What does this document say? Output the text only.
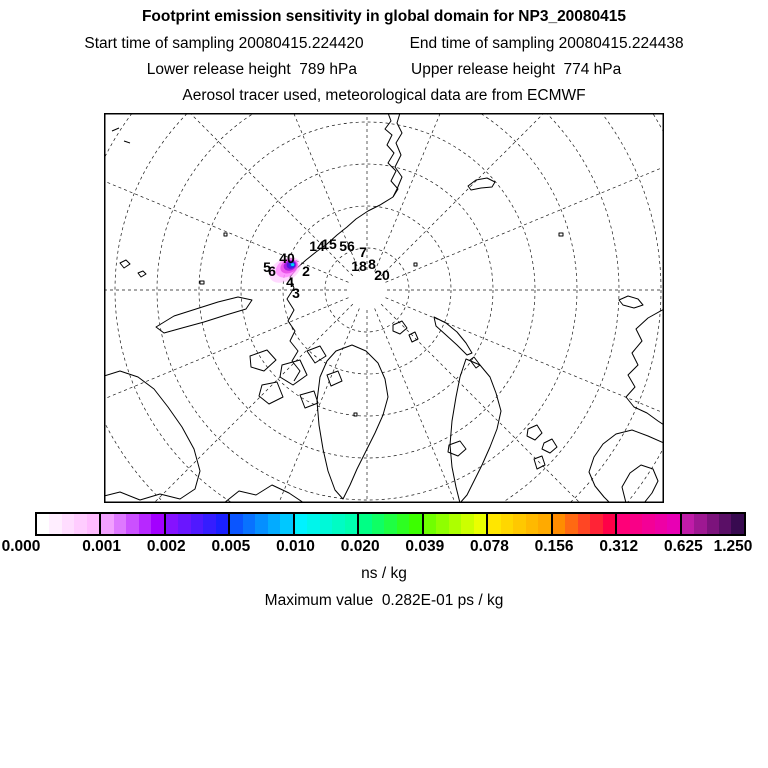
Footprint emission sensitivity in global domain for NP3_20080415
Start time of sampling 20080415.224420	End time of sampling 20080415.224438
Lower release height  789 hPa	Upper release height  774 hPa
Aerosol tracer used, meteorological data are from ECMWF
40
14
15 56 7
18 8
20
5
6 2
4
3
0.000	0.001 0.002 0.005 0.010 0.020 0.039 0.078 0.156 0.312 0.625 1.250
ns / kg
Maximum value  0.282E-01 ps / kg
